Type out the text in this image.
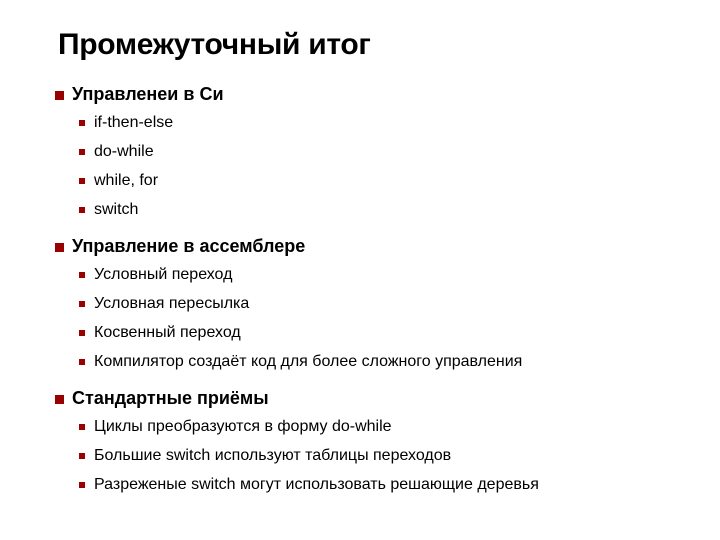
Промежуточный итог
Управленеи в Си
if-then-else
do-while
while, for
switch
Управление в ассемблере
Условный переход
Условная пересылка
Косвенный переход
Компилятор создаёт код для более сложного управления
Стандартные приёмы
Циклы преобразуются в форму do-while
Большие switch используют таблицы переходов
Разреженые switch могут использовать решающие деревья
